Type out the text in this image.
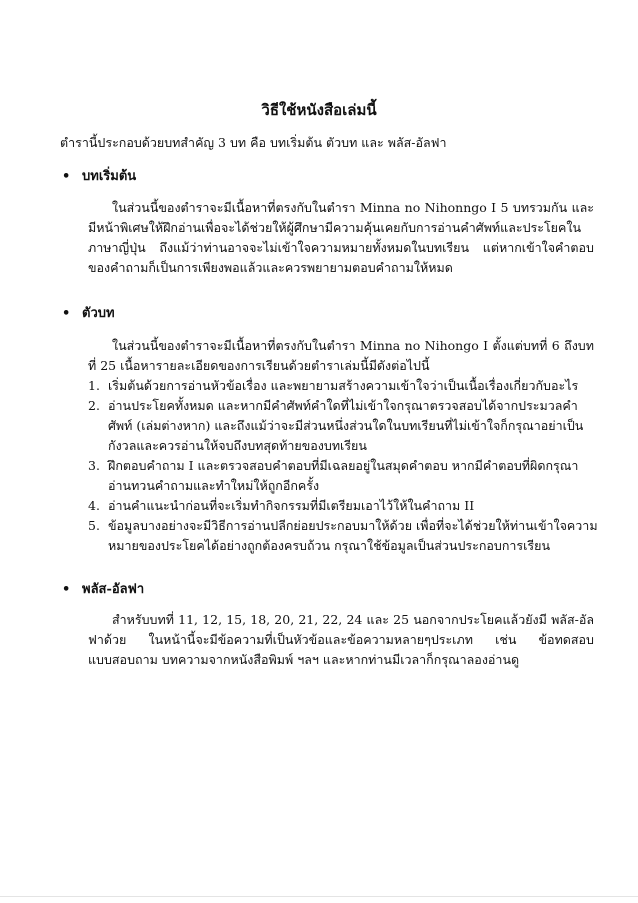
วิธีใช้หนังสือเล่มนี้

ตำรานี้ประกอบด้วยบทสำคัญ 3 บท คือ บทเริ่มต้น ตัวบท และ พลัส-อัลฟา

• บทเริ่มต้น

ในส่วนนี้ของตำราจะมีเนื้อหาที่ตรงกับในตำรา Minna no Nihonngo I 5 บทรวมกัน และมีหน้าพิเศษให้ฝึกอ่านเพื่อจะได้ช่วยให้ผู้ศึกษามีความคุ้นเคยกับการอ่านคำศัพท์และประโยคในภาษาญี่ปุ่น ถึงแม้ว่าท่านอาจจะไม่เข้าใจความหมายทั้งหมดในบทเรียน แต่หากเข้าใจคำตอบของคำถามก็เป็นการเพียงพอแล้วและควรพยายามตอบคำถามให้หมด

• ตัวบท

ในส่วนนี้ของตำราจะมีเนื้อหาที่ตรงกับในตำรา Minna no Nihongo I ตั้งแต่บทที่ 6 ถึงบทที่ 25 เนื้อหารายละเอียดของการเรียนด้วยตำราเล่มนี้มีดังต่อไปนี้

1. เริ่มต้นด้วยการอ่านหัวข้อเรื่อง และพยายามสร้างความเข้าใจว่าเป็นเนื้อเรื่องเกี่ยวกับอะไร
2. อ่านประโยคทั้งหมด และหากมีคำศัพท์คำใดที่ไม่เข้าใจกรุณาตรวจสอบได้จากประมวลคำศัพท์ (เล่มต่างหาก) และถึงแม้ว่าจะมีส่วนหนึ่งส่วนใดในบทเรียนที่ไม่เข้าใจก็กรุณาอย่าเป็นกังวลและควรอ่านให้จบถึงบทสุดท้ายของบทเรียน
3. ฝึกตอบคำถาม I และตรวจสอบคำตอบที่มีเฉลยอยู่ในสมุดคำตอบ หากมีคำตอบที่ผิดกรุณาอ่านทวนคำถามและทำใหม่ให้ถูกอีกครั้ง
4. อ่านคำแนะนำก่อนที่จะเริ่มทำกิจกรรมที่มีเตรียมเอาไว้ให้ในคำถาม II
5. ข้อมูลบางอย่างจะมีวิธีการอ่านปลีกย่อยประกอบมาให้ด้วย เพื่อที่จะได้ช่วยให้ท่านเข้าใจความหมายของประโยคได้อย่างถูกต้องครบถ้วน กรุณาใช้ข้อมูลเป็นส่วนประกอบการเรียน
• พลัส-อัลฟา

สำหรับบทที่ 11, 12, 15, 18, 20, 21, 22, 24 และ 25 นอกจากประโยคแล้วยังมี พลัส-อัลฟาด้วย ในหน้านี้จะมีข้อความที่เป็นหัวข้อและข้อความหลายๆประเภท เช่น ข้อทดสอบ แบบสอบถาม บทความจากหนังสือพิมพ์ ฯลฯ และหากท่านมีเวลาก็กรุณาลองอ่านดู
